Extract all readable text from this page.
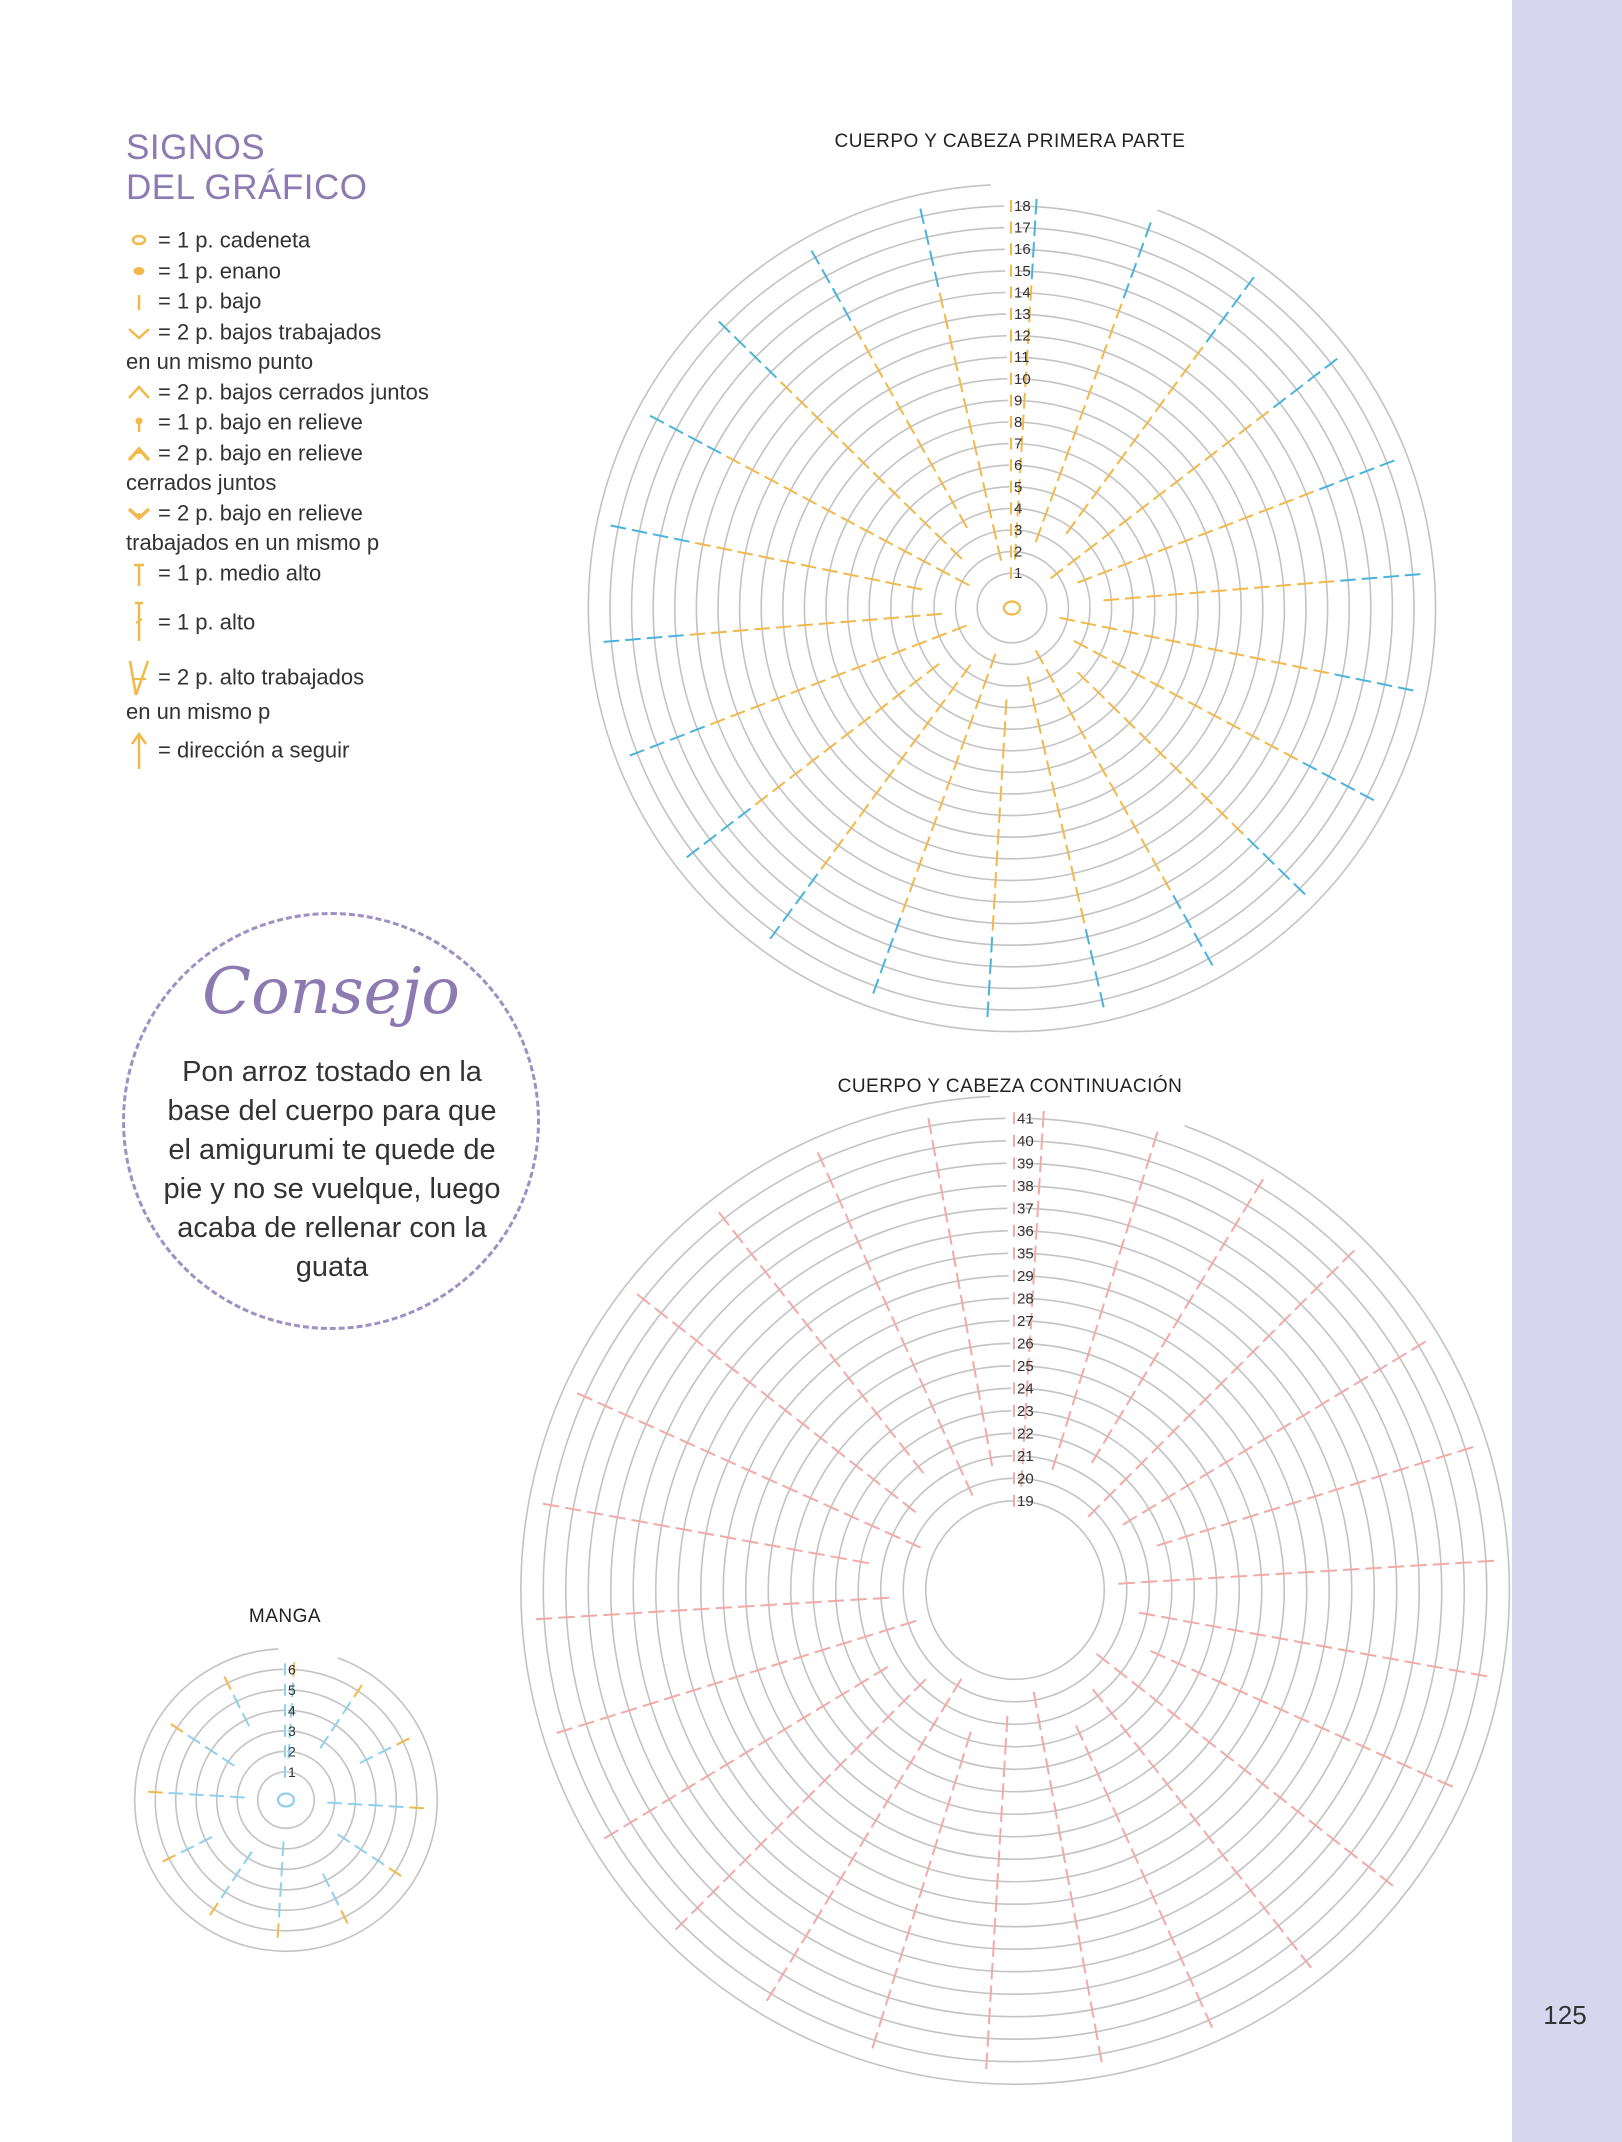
125
SIGNOS
DEL GRÁFICO
= 1 p. cadeneta
= 1 p. enano
= 1 p. bajo
= 2 p. bajos trabajados
en un mismo punto
= 2 p. bajos cerrados juntos
= 1 p. bajo en relieve
= 2 p. bajo en relieve
cerrados juntos
= 2 p. bajo en relieve
trabajados en un mismo p
= 1 p. medio alto
= 1 p. alto
= 2 p. alto trabajados
en un mismo p
= dirección a seguir
Consejo
Pon arroz tostado en la base del cuerpo para que el amigurumi te quede de pie y no se vuelque, luego acaba de rellenar con la guata
CUERPO Y CABEZA PRIMERA PARTE
CUERPO Y CABEZA CONTINUACIÓN
MANGA
1
2
3
4
5
6
7
8
9
10
11
12
13
14
15
16
17
18
19
20
21
22
23
24
25
26
27
28
29
35
36
37
38
39
40
41
1
2
3
4
5
6
